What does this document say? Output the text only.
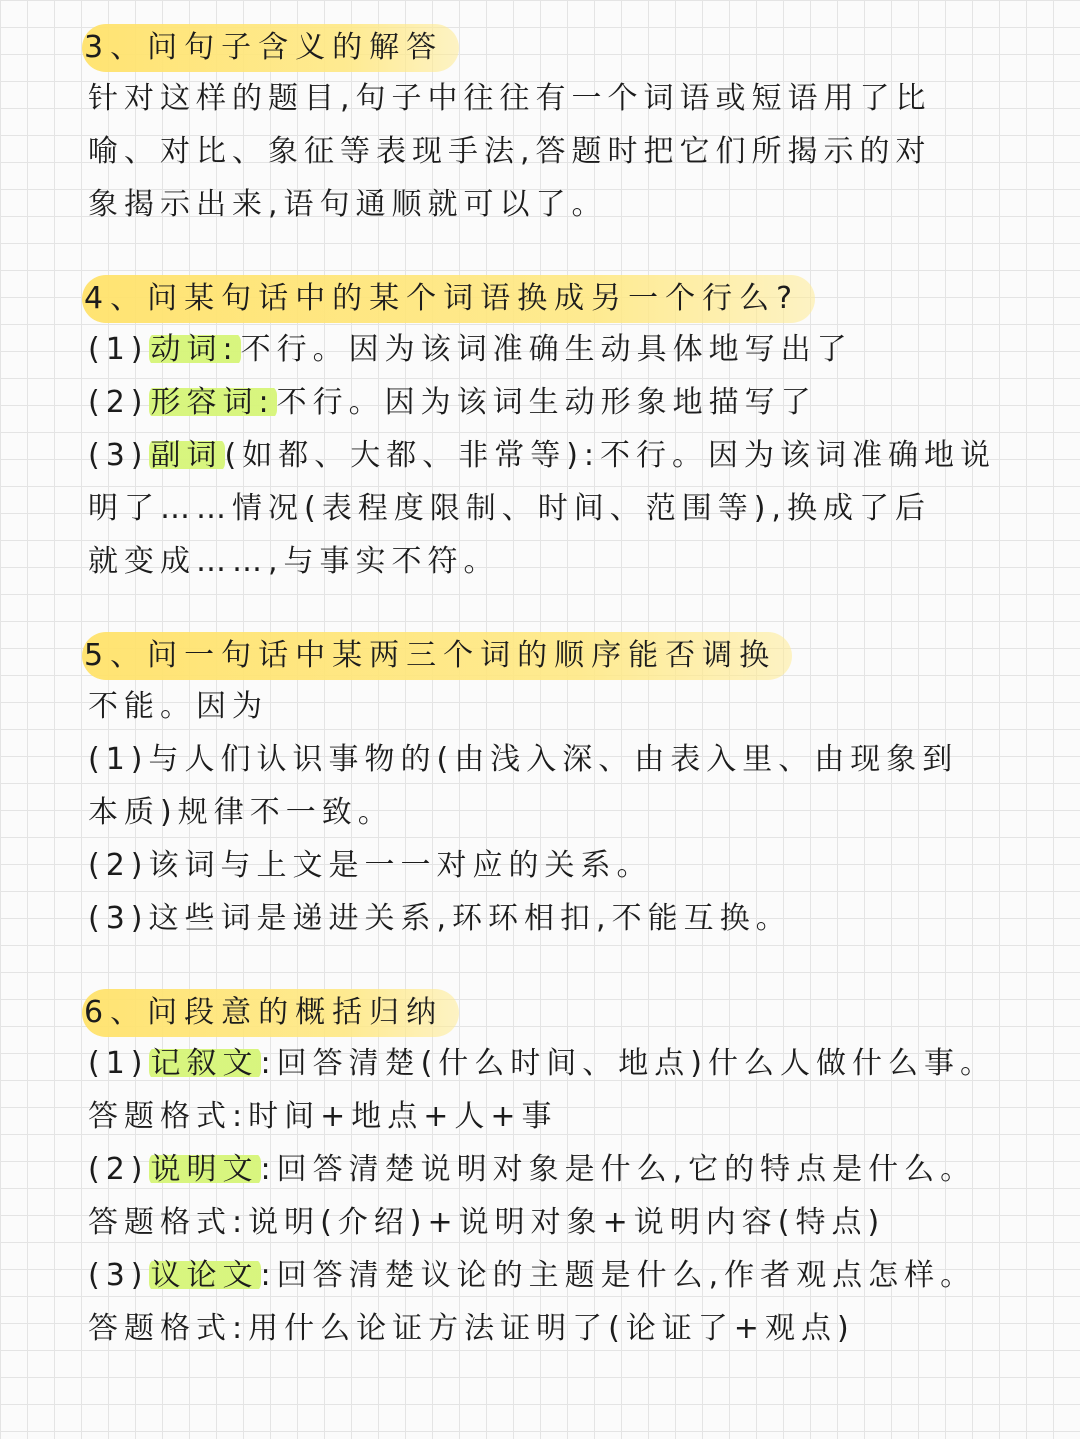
3、问句子含义的解答

针对这样的题目,句子中往往有一个词语或短语用了比

喻、对比、象征等表现手法,答题时把它们所揭示的对

象揭示出来,语句通顺就可以了。

4、问某句话中的某个词语换成另一个行么?

(1)动词:不行。因为该词准确生动具体地写出了

(2)形容词:不行。因为该词生动形象地描写了

(3)副词(如都、大都、非常等):不行。因为该词准确地说

明了……情况(表程度限制、时间、范围等),换成了后

就变成……,与事实不符。

5、问一句话中某两三个词的顺序能否调换

不能。因为

(1)与人们认识事物的(由浅入深、由表入里、由现象到

本质)规律不一致。

(2)该词与上文是一一对应的关系。

(3)这些词是递进关系,环环相扣,不能互换。

6、问段意的概括归纳

(1)记叙文:回答清楚(什么时间、地点)什么人做什么事。

答题格式:时间+地点+人+事

(2)说明文:回答清楚说明对象是什么,它的特点是什么。

答题格式:说明(介绍)+说明对象+说明内容(特点)

(3)议论文:回答清楚议论的主题是什么,作者观点怎样。

答题格式:用什么论证方法证明了(论证了+观点)
